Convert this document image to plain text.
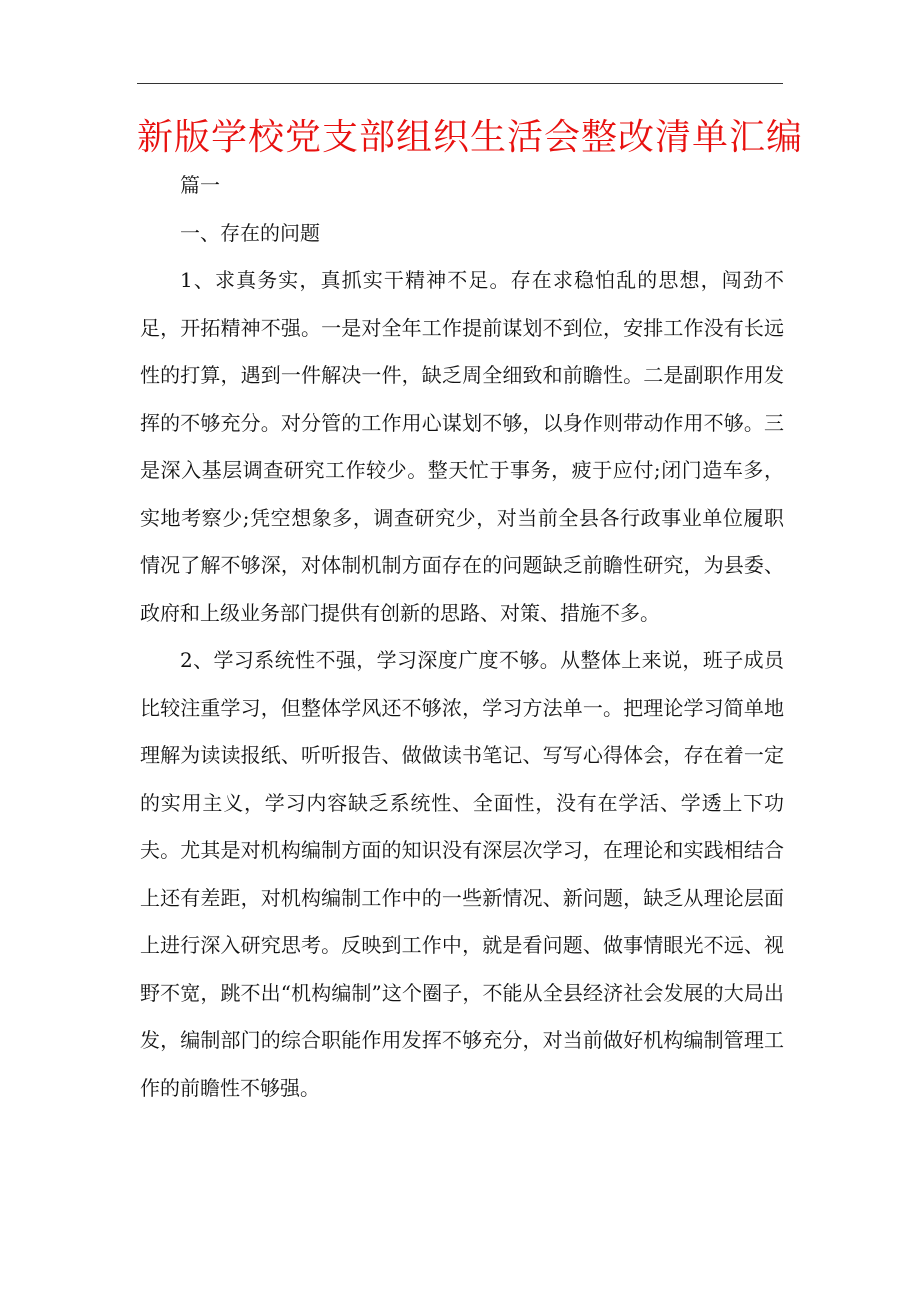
新版学校党支部组织生活会整改清单汇编

篇一

一、存在的问题

1、求真务实，真抓实干精神不足。存在求稳怕乱的思想，闯劲不足，开拓精神不强。一是对全年工作提前谋划不到位，安排工作没有长远性的打算，遇到一件解决一件，缺乏周全细致和前瞻性。二是副职作用发挥的不够充分。对分管的工作用心谋划不够，以身作则带动作用不够。三是深入基层调查研究工作较少。整天忙于事务，疲于应付;闭门造车多，实地考察少;凭空想象多，调查研究少，对当前全县各行政事业单位履职情况了解不够深，对体制机制方面存在的问题缺乏前瞻性研究，为县委、政府和上级业务部门提供有创新的思路、对策、措施不多。

2、学习系统性不强，学习深度广度不够。从整体上来说，班子成员比较注重学习，但整体学风还不够浓，学习方法单一。把理论学习简单地理解为读读报纸、听听报告、做做读书笔记、写写心得体会，存在着一定的实用主义，学习内容缺乏系统性、全面性，没有在学活、学透上下功夫。尤其是对机构编制方面的知识没有深层次学习，在理论和实践相结合上还有差距，对机构编制工作中的一些新情况、新问题，缺乏从理论层面上进行深入研究思考。反映到工作中，就是看问题、做事情眼光不远、视野不宽，跳不出“机构编制”这个圈子，不能从全县经济社会发展的大局出发，编制部门的综合职能作用发挥不够充分，对当前做好机构编制管理工作的前瞻性不够强。
